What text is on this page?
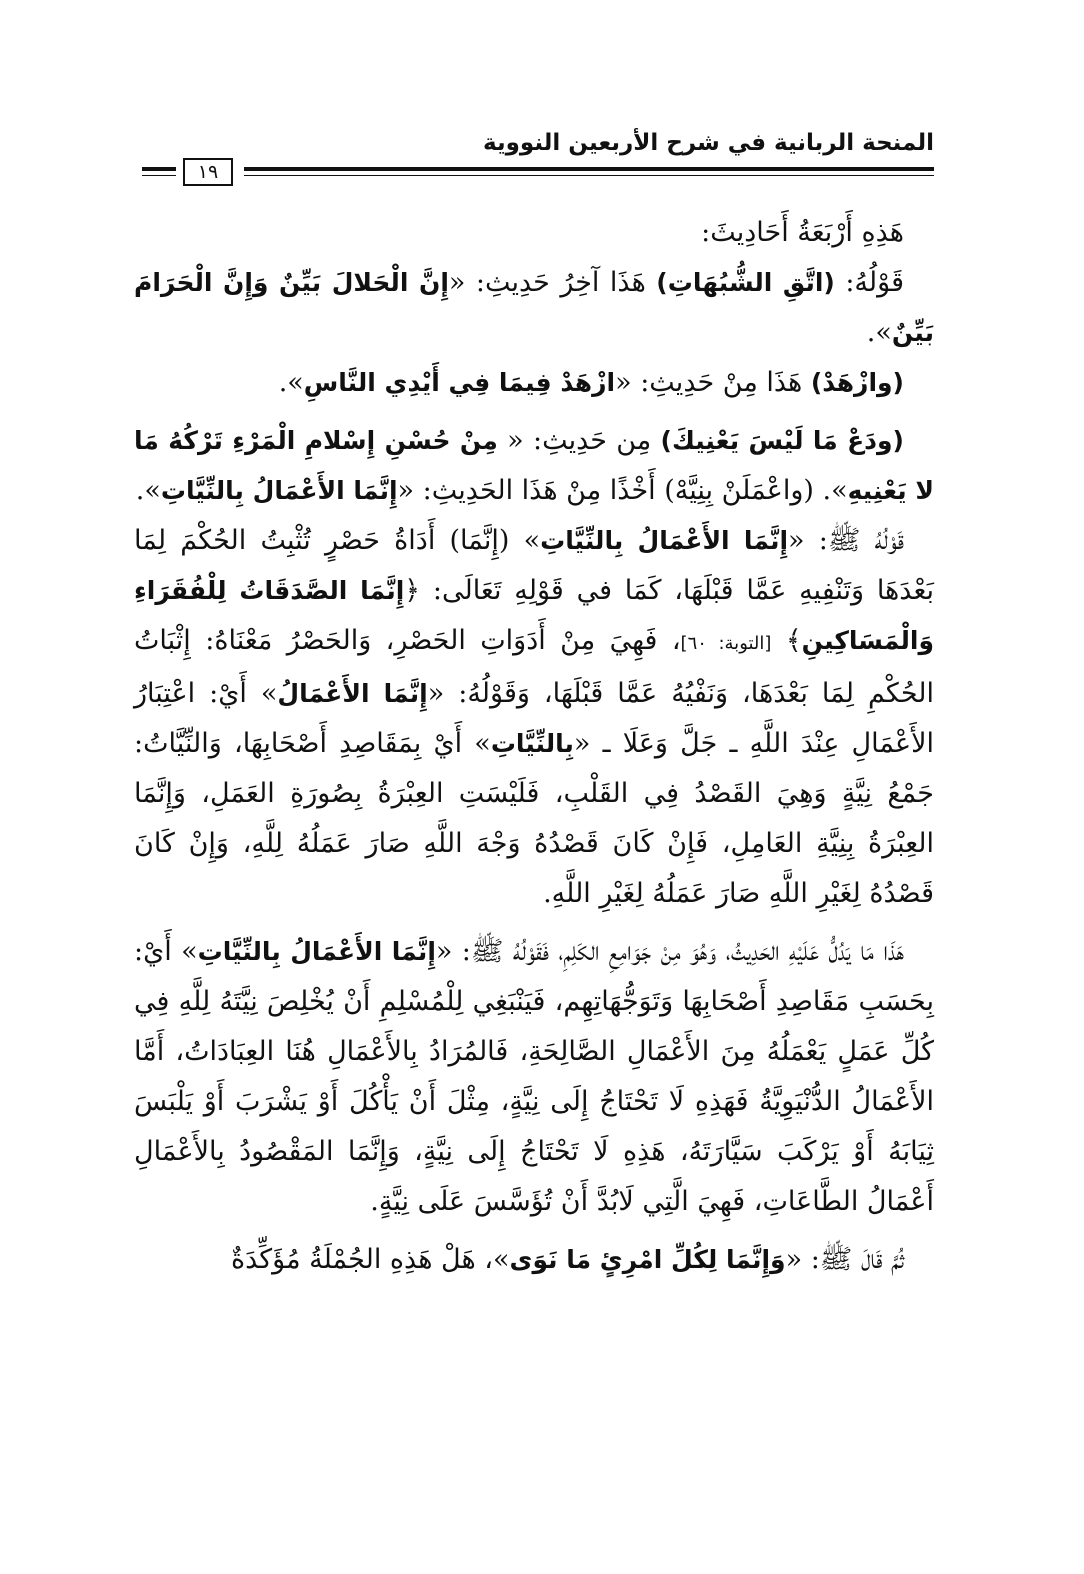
المنحة الربانية في شرح الأربعين النووية
١٩

هَذِهِ أَرْبَعَةُ أَحَادِيثَ:

قَوْلُهُ: (اتَّقِ الشُّبُهَاتِ) هَذَا آخِرُ حَدِيثِ: «إِنَّ الْحَلالَ بَيِّنٌ وَإِنَّ الْحَرَامَ بَيِّنٌ».

(وازْهَدْ) هَذَا مِنْ حَدِيثِ: «ازْهَدْ فِيمَا فِي أَيْدِي النَّاسِ».

(ودَعْ مَا لَيْسَ يَعْنِيكَ) مِن حَدِيثِ: « مِنْ حُسْنِ إِسْلامِ الْمَرْءِ تَرْكُهُ مَا لا يَعْنِيهِ». (واعْمَلَنْ بِنِيَّهْ) أَخْذًا مِنْ هَذَا الحَدِيثِ: «إِنَّمَا الأَعْمَالُ بِالنِّيَّاتِ».

قَوْلُهُ ﷺ: «إِنَّمَا الأَعْمَالُ بِالنِّيَّاتِ» (إِنَّمَا) أَدَاةُ حَصْرٍ تُثْبِتُ الحُكْمَ لِمَا بَعْدَهَا وَتَنْفِيهِ عَمَّا قَبْلَهَا، كَمَا في قَوْلِهِ تَعَالَى: ﴿إِنَّمَا الصَّدَقَاتُ لِلْفُقَرَاءِ وَالْمَسَاكِينِ﴾ [التوبة: ٦٠]، فَهِيَ مِنْ أَدَوَاتِ الحَصْرِ، وَالحَصْرُ مَعْنَاهُ: إِثْبَاتُ الحُكْمِ لِمَا بَعْدَهَا، وَنَفْيُهُ عَمَّا قَبْلَهَا، وَقَوْلُهُ: «إِنَّمَا الأَعْمَالُ» أَيْ: اعْتِبَارُ الأَعْمَالِ عِنْدَ اللَّهِ ـ جَلَّ وَعَلَا ـ «بِالنِّيَّاتِ» أَيْ بِمَقَاصِدِ أَصْحَابِهَا، وَالنِّيَّاتُ: جَمْعُ نِيَّةٍ وَهِيَ القَصْدُ فِي القَلْبِ، فَلَيْسَتِ العِبْرَةُ بِصُورَةِ العَمَلِ، وَإِنَّمَا العِبْرَةُ بِنِيَّةِ العَامِلِ، فَإِنْ كَانَ قَصْدُهُ وَجْهَ اللَّهِ صَارَ عَمَلُهُ لِلَّهِ، وَإِنْ كَانَ قَصْدُهُ لِغَيْرِ اللَّهِ صَارَ عَمَلُهُ لِغَيْرِ اللَّهِ.

هَذَا مَا يَدُلُّ عَلَيْهِ الحَدِيثُ، وَهُوَ مِنْ جَوَامِعِ الكَلِمِ، فَقَوْلُهُ ﷺ: «إِنَّمَا الأَعْمَالُ بِالنِّيَّاتِ» أَيْ: بِحَسَبِ مَقَاصِدِ أَصْحَابِهَا وَتَوَجُّهَاتِهِم، فَيَنْبَغِي لِلْمُسْلِمِ أَنْ يُخْلِصَ نِيَّتَهُ لِلَّهِ فِي كُلِّ عَمَلٍ يَعْمَلُهُ مِنَ الأَعْمَالِ الصَّالِحَةِ، فَالمُرَادُ بِالأَعْمَالِ هُنَا العِبَادَاتُ، أَمَّا الأَعْمَالُ الدُّنْيَوِيَّةُ فَهَذِهِ لَا تَحْتَاجُ إِلَى نِيَّةٍ، مِثْلَ أَنْ يَأْكُلَ أَوْ يَشْرَبَ أَوْ يَلْبَسَ ثِيَابَهُ أَوْ يَرْكَبَ سَيَّارَتَهُ، هَذِهِ لَا تَحْتَاجُ إِلَى نِيَّةٍ، وَإِنَّمَا المَقْصُودُ بِالأَعْمَالِ أَعْمَالُ الطَّاعَاتِ، فَهِيَ الَّتِي لَابُدَّ أَنْ تُؤَسَّسَ عَلَى نِيَّةٍ.

ثُمَّ قَالَ ﷺ: «وَإِنَّمَا لِكُلِّ امْرِئٍ مَا نَوَى»، هَلْ هَذِهِ الجُمْلَةُ مُؤَكِّدَةٌ
